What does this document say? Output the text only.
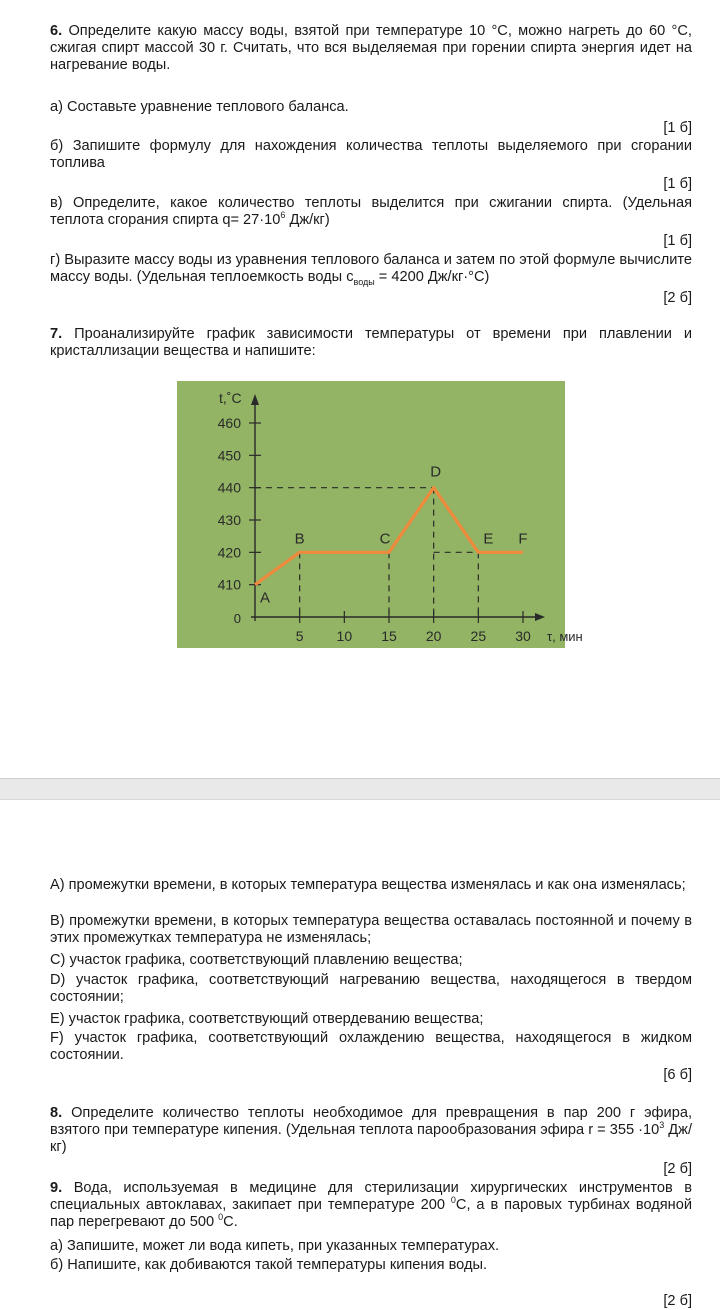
6. Определите какую массу воды, взятой при температуре 10 °С, можно нагреть до 60 °С, сжигая спирт массой 30 г. Считать, что вся выделяемая при горении спирта энергия идет на нагревание воды.
а) Составьте уравнение теплового баланса.
[1 б]
б) Запишите формулу для нахождения количества теплоты выделяемого при сгорании топлива
[1 б]
в) Определите, какое количество теплоты выделится при сжигании спирта. (Удельная теплота сгорания спирта $q= 27\cdot 10^6$ Дж/кг)
[1 б]
г) Выразите массу воды из уравнения теплового баланса и затем по этой формуле вычислите массу воды. (Удельная теплоемкость воды $c_{воды} = 4200$ Дж/кг·°С)
[2 б]
7. Проанализируйте график зависимости температуры от времени при плавлении и кристаллизации вещества и напишите:
460
450
440
430
420
410
5 10 15 20 25 30
0
t,˚C
τ, мин
A
B	C
D
E F
A) промежутки времени, в которых температура вещества изменялась и как она изменялась;
B) промежутки времени, в которых температура вещества оставалась постоянной и почему в этих промежутках температура не изменялась;
C) участок графика, соответствующий плавлению вещества;
D) участок графика, соответствующий нагреванию вещества, находящегося в твердом состоянии;
E) участок графика, соответствующий отвердеванию вещества;
F) участок графика, соответствующий охлаждению вещества, находящегося в жидком состоянии.
[6 б]
8. Определите количество теплоты необходимое для превращения в пар 200 г эфира, взятого при температуре кипения. (Удельная теплота парообразования эфира $r = 355 \cdot 10^3$ Дж/кг)
[2 б]
9. Вода, используемая в медицине для стерилизации хирургических инструментов в специальных автоклавах, закипает при температуре 200 $^0$С, а в паровых турбинах водяной пар перегревают до 500 $^0$С.
а) Запишите, может ли вода кипеть, при указанных температурах.
б) Напишите, как добиваются такой температуры кипения воды.
[2 б]
